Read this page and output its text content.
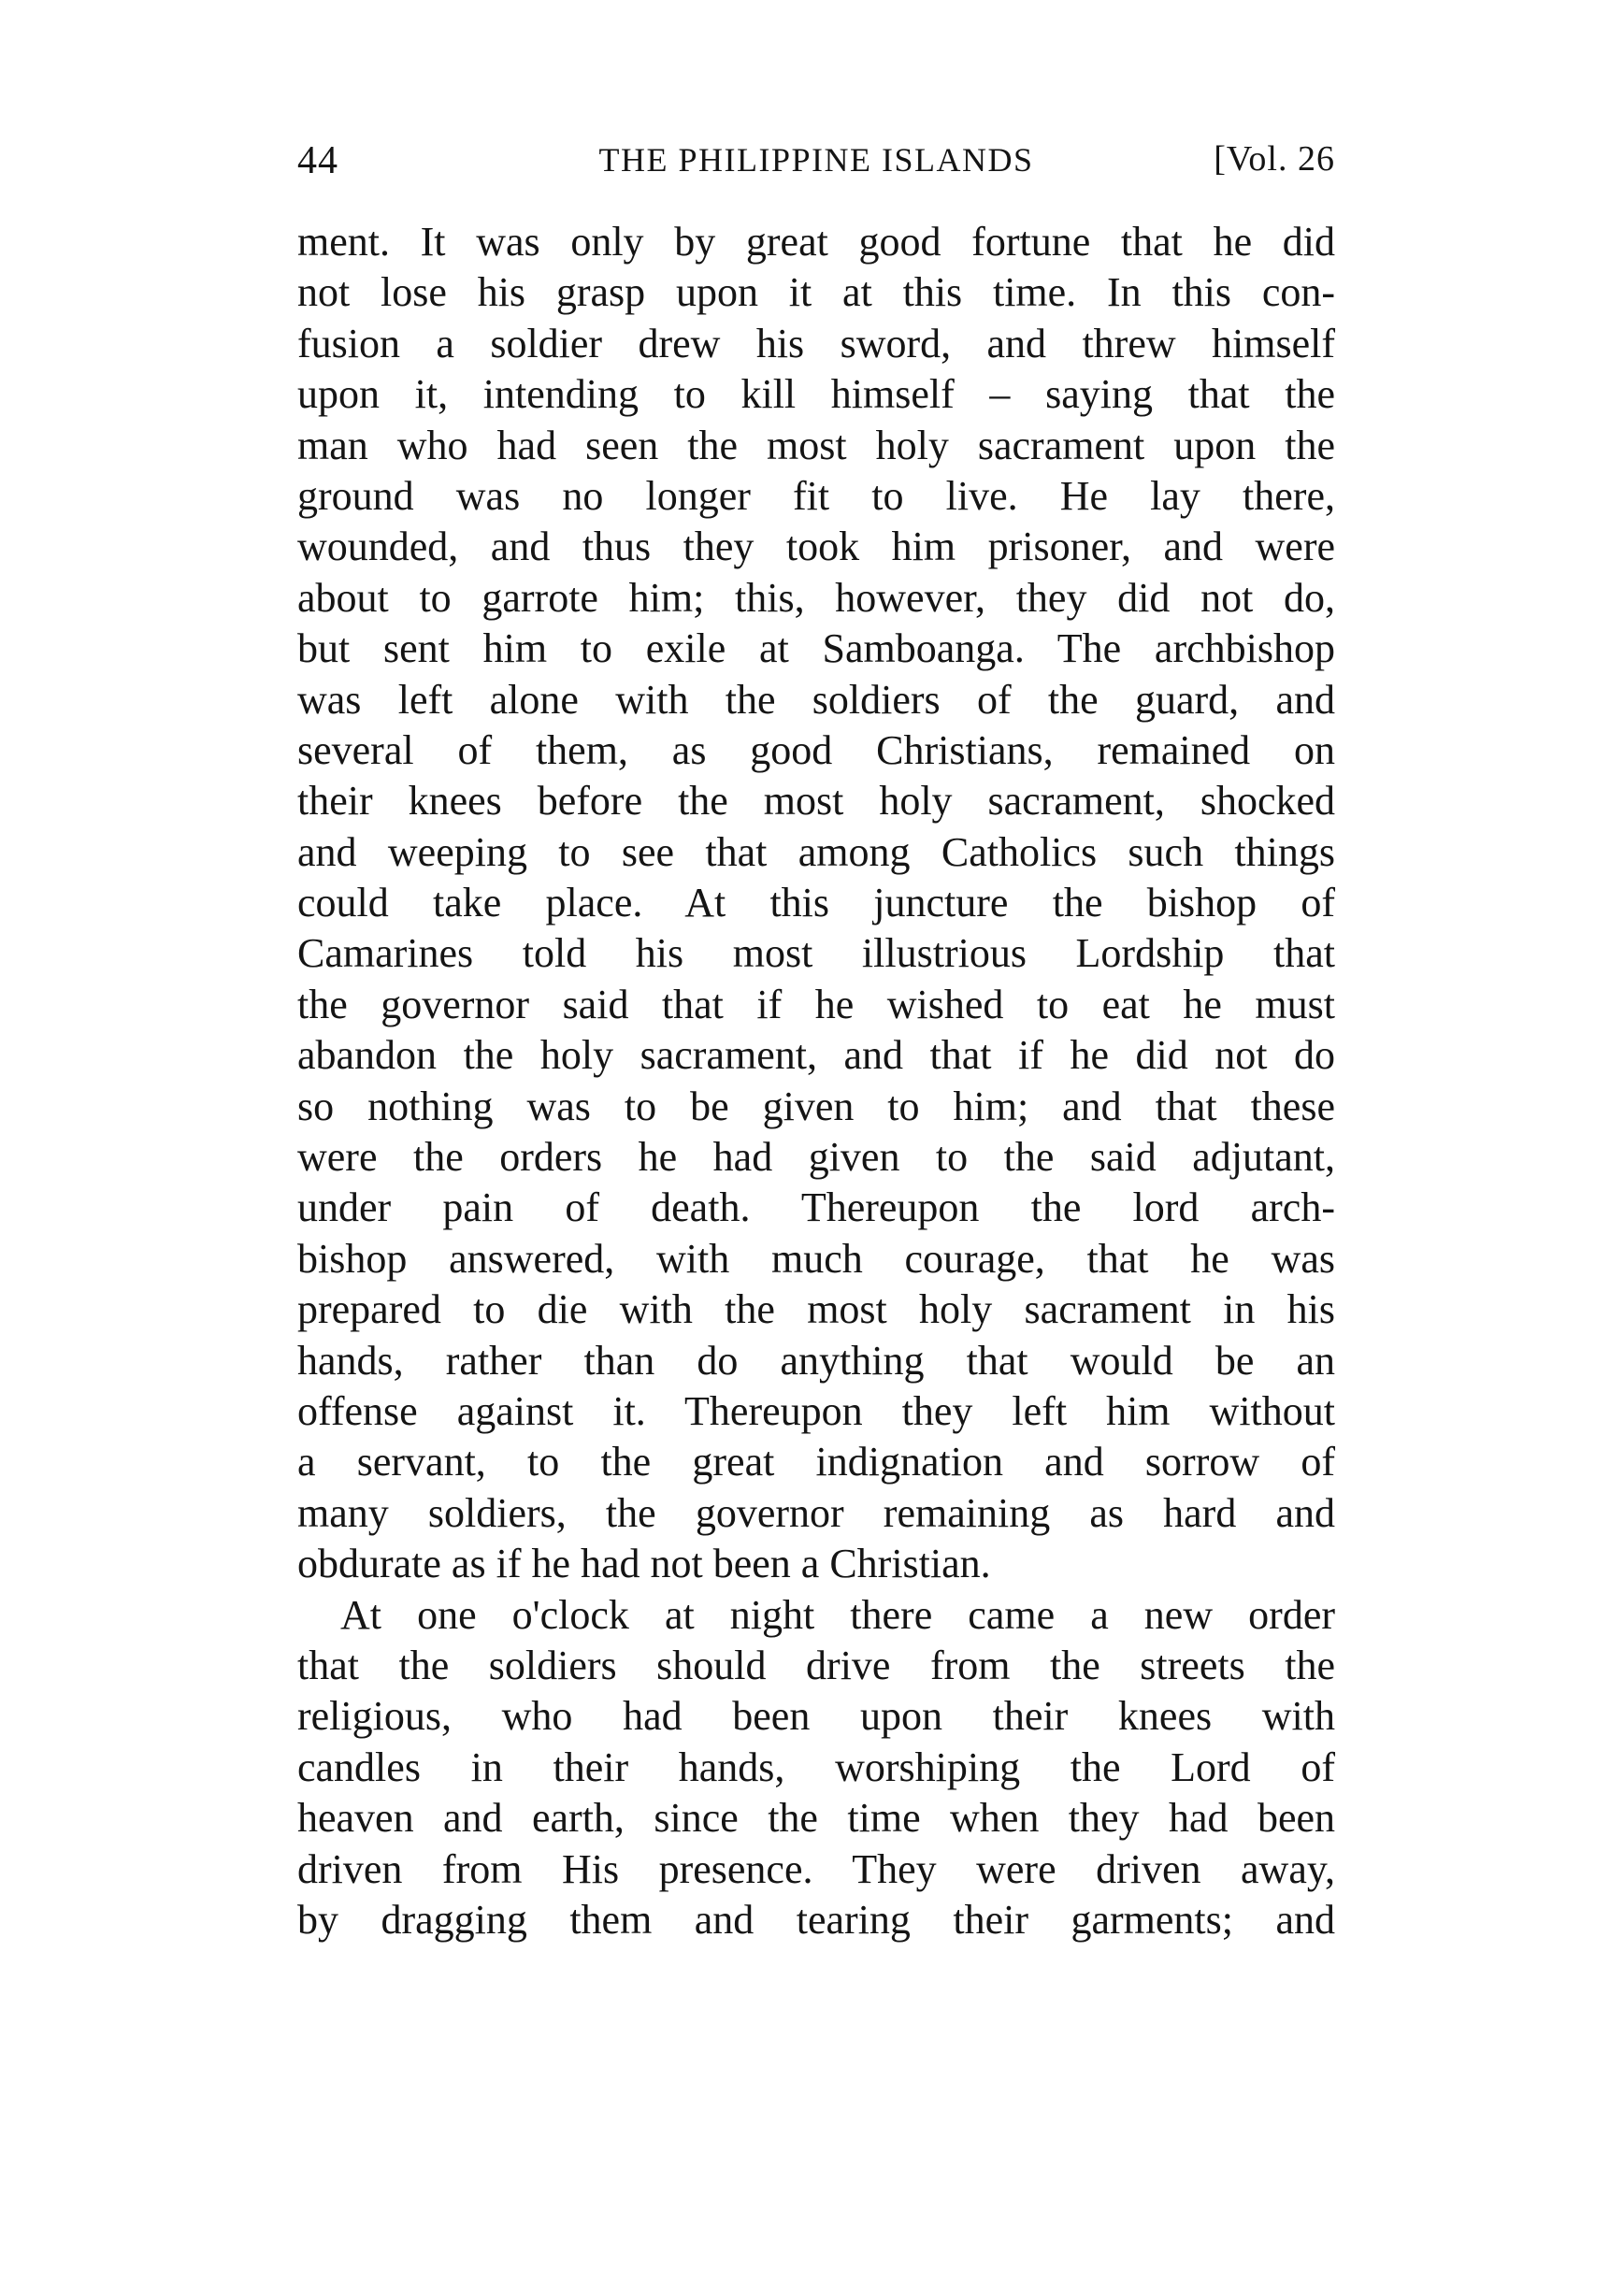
44	THE PHILIPPINE ISLANDS	[Vol. 26
ment. It was only by great good fortune that he did
not lose his grasp upon it at this time. In this con-
fusion a soldier drew his sword, and threw himself
upon it, intending to kill himself – saying that the
man who had seen the most holy sacrament upon the
ground was no longer fit to live. He lay there,
wounded, and thus they took him prisoner, and were
about to garrote him; this, however, they did not do,
but sent him to exile at Samboanga. The archbishop
was left alone with the soldiers of the guard, and
several of them, as good Christians, remained on
their knees before the most holy sacrament, shocked
and weeping to see that among Catholics such things
could take place. At this juncture the bishop of
Camarines told his most illustrious Lordship that
the governor said that if he wished to eat he must
abandon the holy sacrament, and that if he did not do
so nothing was to be given to him; and that these
were the orders he had given to the said adjutant,
under pain of death. Thereupon the lord arch-
bishop answered, with much courage, that he was
prepared to die with the most holy sacrament in his
hands, rather than do anything that would be an
offense against it. Thereupon they left him without
a servant, to the great indignation and sorrow of
many soldiers, the governor remaining as hard and
obdurate as if he had not been a Christian.
At one o'clock at night there came a new order
that the soldiers should drive from the streets the
religious, who had been upon their knees with
candles in their hands, worshiping the Lord of
heaven and earth, since the time when they had been
driven from His presence. They were driven away,
by dragging them and tearing their garments; and
